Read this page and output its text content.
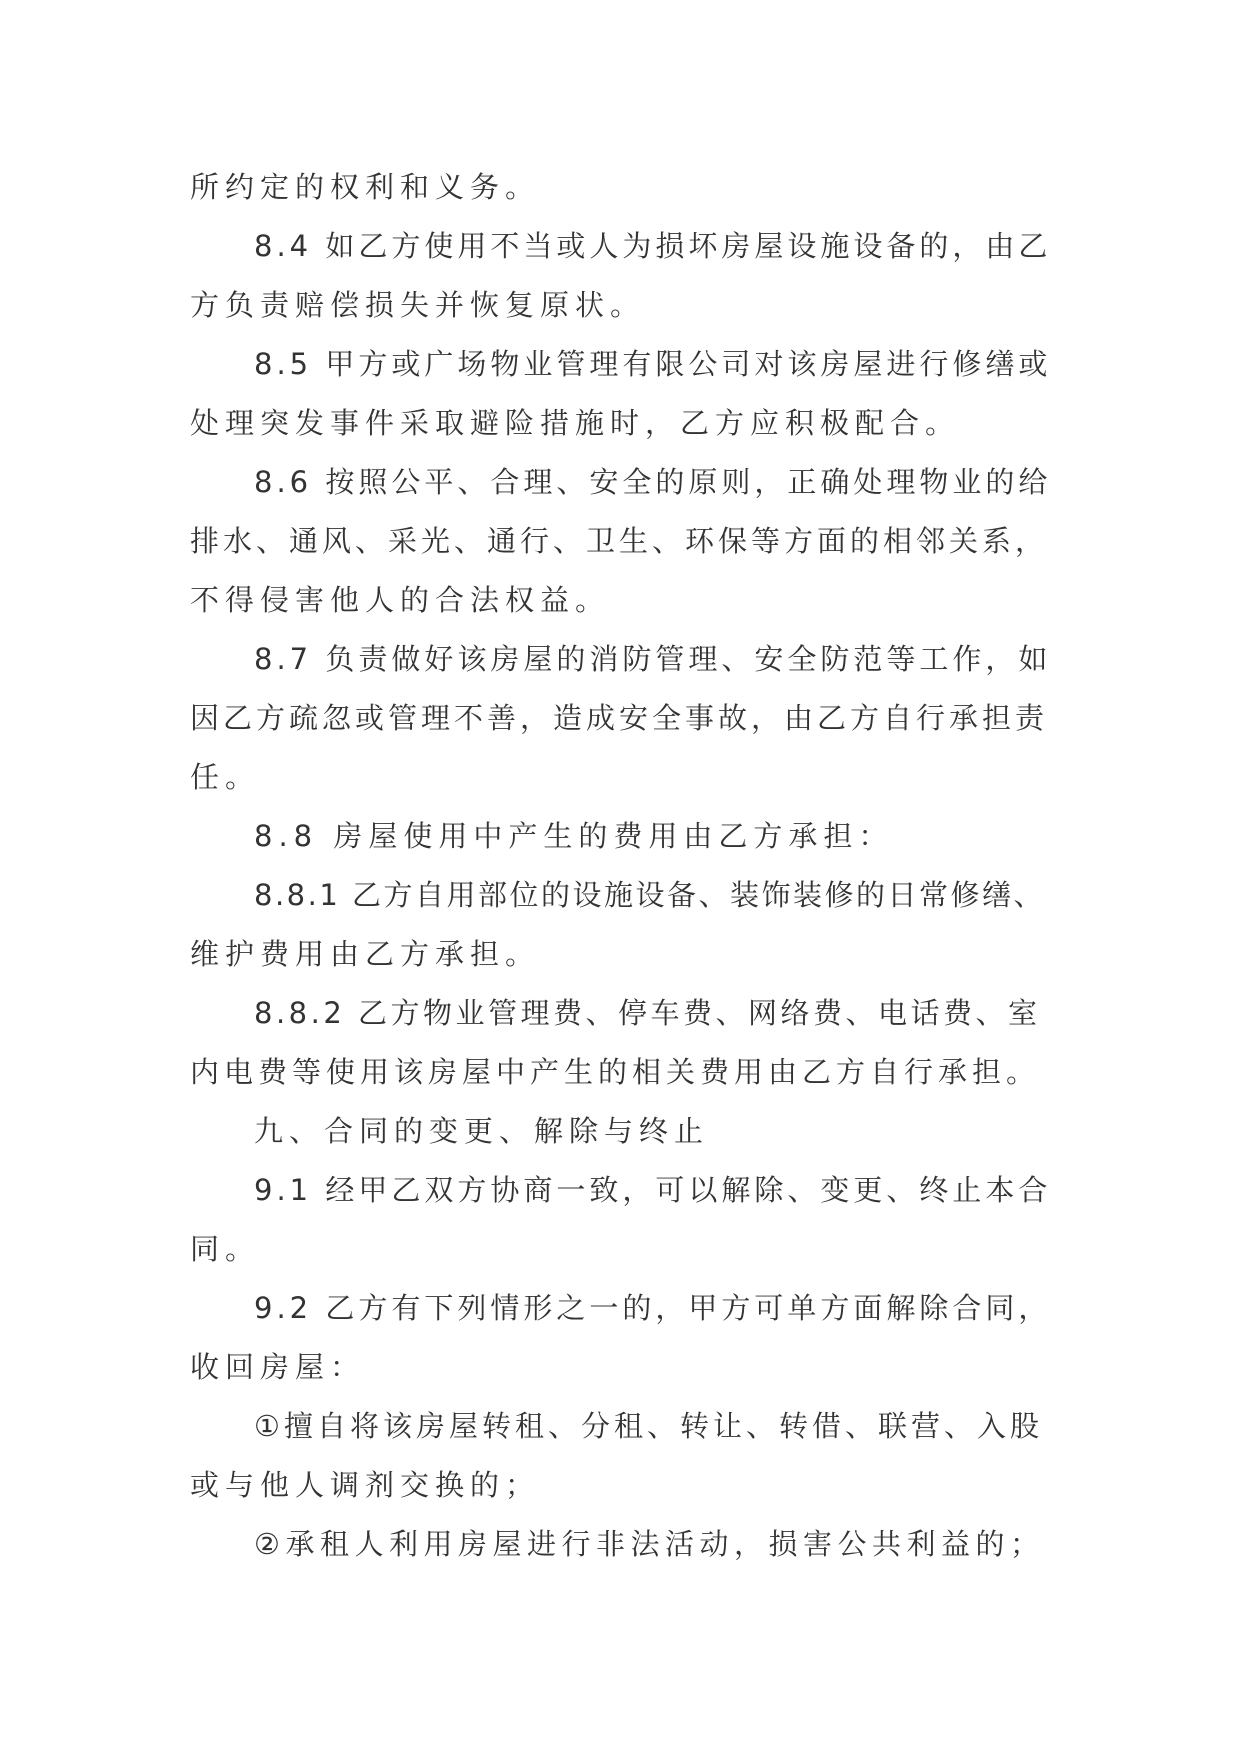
所约定的权利和义务。
8.4 如乙方使用不当或人为损坏房屋设施设备的，由乙
方负责赔偿损失并恢复原状。
8.5 甲方或广场物业管理有限公司对该房屋进行修缮或
处理突发事件采取避险措施时，乙方应积极配合。
8.6 按照公平、合理、安全的原则，正确处理物业的给
排水、通风、采光、通行、卫生、环保等方面的相邻关系，
不得侵害他人的合法权益。
8.7 负责做好该房屋的消防管理、安全防范等工作，如
因乙方疏忽或管理不善，造成安全事故，由乙方自行承担责
任。
8.8 房屋使用中产生的费用由乙方承担：
8.8.1 乙方自用部位的设施设备、装饰装修的日常修缮、
维护费用由乙方承担。
8.8.2 乙方物业管理费、停车费、网络费、电话费、室
内电费等使用该房屋中产生的相关费用由乙方自行承担。
九、合同的变更、解除与终止
9.1 经甲乙双方协商一致，可以解除、变更、终止本合
同。
9.2 乙方有下列情形之一的，甲方可单方面解除合同，
收回房屋：
①擅自将该房屋转租、分租、转让、转借、联营、入股
或与他人调剂交换的；
②承租人利用房屋进行非法活动，损害公共利益的；
